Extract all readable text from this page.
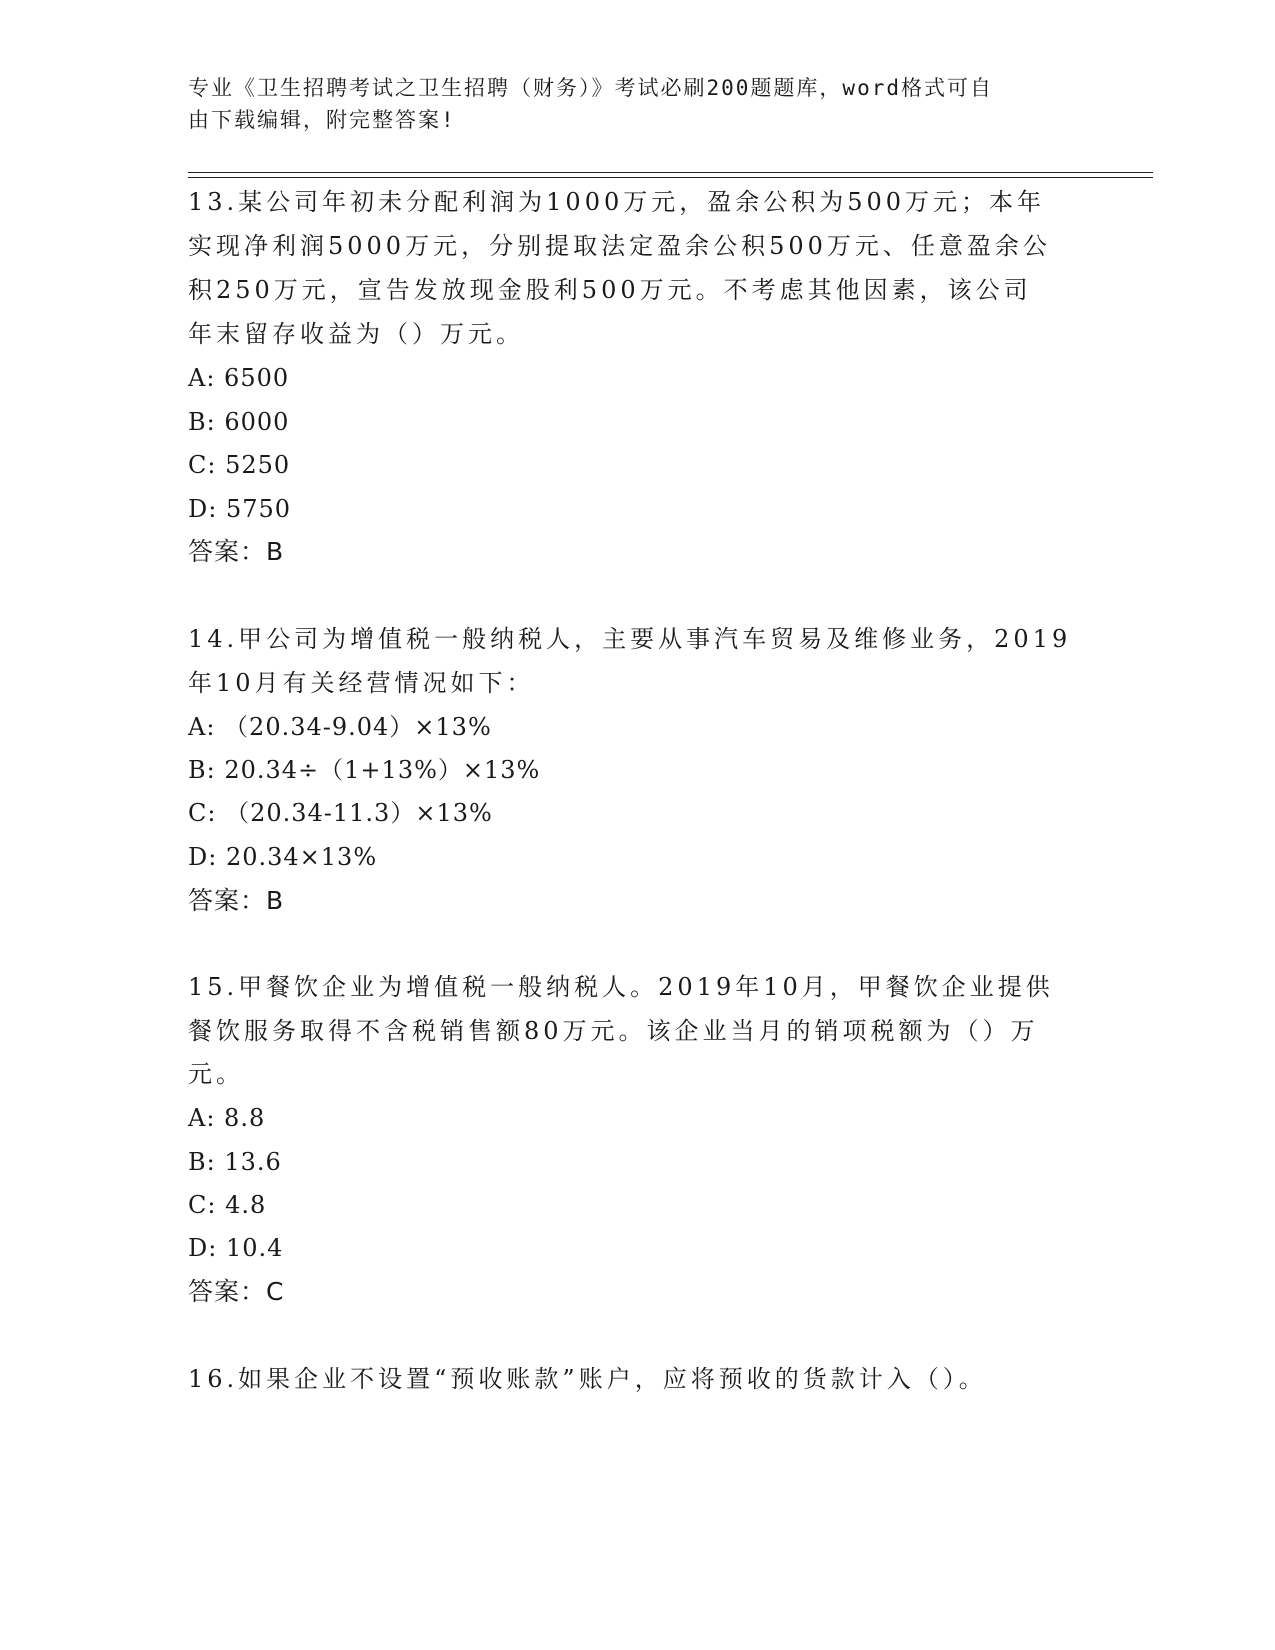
专业《卫生招聘考试之卫生招聘（财务）》考试必刷200题题库，word格式可自
由下载编辑，附完整答案!
13.某公司年初未分配利润为1000万元，盈余公积为500万元；本年
实现净利润5000万元，分别提取法定盈余公积500万元、任意盈余公
积250万元，宣告发放现金股利500万元。不考虑其他因素，该公司
年末留存收益为（）万元。
A: 6500
B: 6000
C: 5250
D: 5750
答案：B
14.甲公司为增值税一般纳税人，主要从事汽车贸易及维修业务，2019
年10月有关经营情况如下：
A: （20.34-9.04）×13%
B: 20.34÷（1+13%）×13%
C: （20.34-11.3）×13%
D: 20.34×13%
答案：B
15.甲餐饮企业为增值税一般纳税人。2019年10月，甲餐饮企业提供
餐饮服务取得不含税销售额80万元。该企业当月的销项税额为（）万
元。
A: 8.8
B: 13.6
C: 4.8
D: 10.4
答案：C
16.如果企业不设置“预收账款”账户，应将预收的货款计入（）。
